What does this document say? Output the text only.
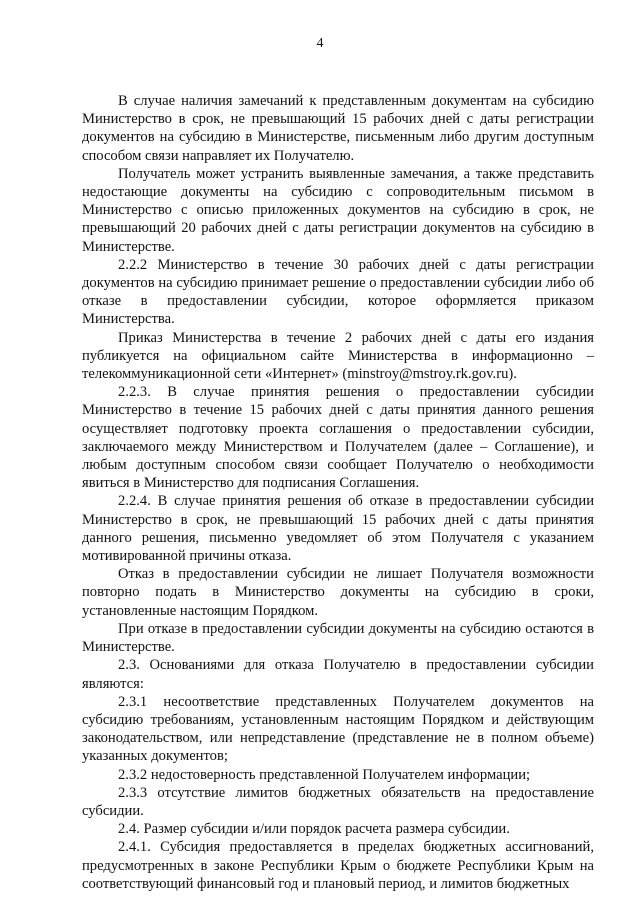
4

В случае наличия замечаний к представленным документам на субсидию Министерство в срок, не превышающий 15 рабочих дней с даты регистрации документов на субсидию в Министерстве, письменным либо другим доступным способом связи направляет их Получателю.

Получатель может устранить выявленные замечания, а также представить недостающие документы на субсидию с сопроводительным письмом в Министерство с описью приложенных документов на субсидию в срок, не превышающий 20 рабочих дней с даты регистрации документов на субсидию в Министерстве.

2.2.2 Министерство в течение 30 рабочих дней с даты регистрации документов на субсидию принимает решение о предоставлении субсидии либо об отказе в предоставлении субсидии, которое оформляется приказом Министерства.

Приказ Министерства в течение 2 рабочих дней с даты его издания публикуется на официальном сайте Министерства в информационно – телекоммуникационной сети «Интернет» (minstroy@mstroy.rk.gov.ru).

2.2.3. В случае принятия решения о предоставлении субсидии Министерство в течение 15 рабочих дней с даты принятия данного решения осуществляет подготовку проекта соглашения о предоставлении субсидии, заключаемого между Министерством и Получателем (далее – Соглашение), и любым доступным способом связи сообщает Получателю о необходимости явиться в Министерство для подписания Соглашения.

2.2.4. В случае принятия решения об отказе в предоставлении субсидии Министерство в срок, не превышающий 15 рабочих дней с даты принятия данного решения, письменно уведомляет об этом Получателя с указанием мотивированной причины отказа.

Отказ в предоставлении субсидии не лишает Получателя возможности повторно подать в Министерство документы на субсидию в сроки, установленные настоящим Порядком.

При отказе в предоставлении субсидии документы на субсидию остаются в Министерстве.

2.3. Основаниями для отказа Получателю в предоставлении субсидии являются:

2.3.1 несоответствие представленных Получателем документов на субсидию требованиям, установленным настоящим Порядком и действующим законодательством, или непредставление (представление не в полном объеме) указанных документов;

2.3.2 недостоверность представленной Получателем информации;

2.3.3 отсутствие лимитов бюджетных обязательств на предоставление субсидии.

2.4. Размер субсидии и/или порядок расчета размера субсидии.

2.4.1. Субсидия предоставляется в пределах бюджетных ассигнований, предусмотренных в законе Республики Крым о бюджете Республики Крым на соответствующий финансовый год и плановый период, и лимитов бюджетных
